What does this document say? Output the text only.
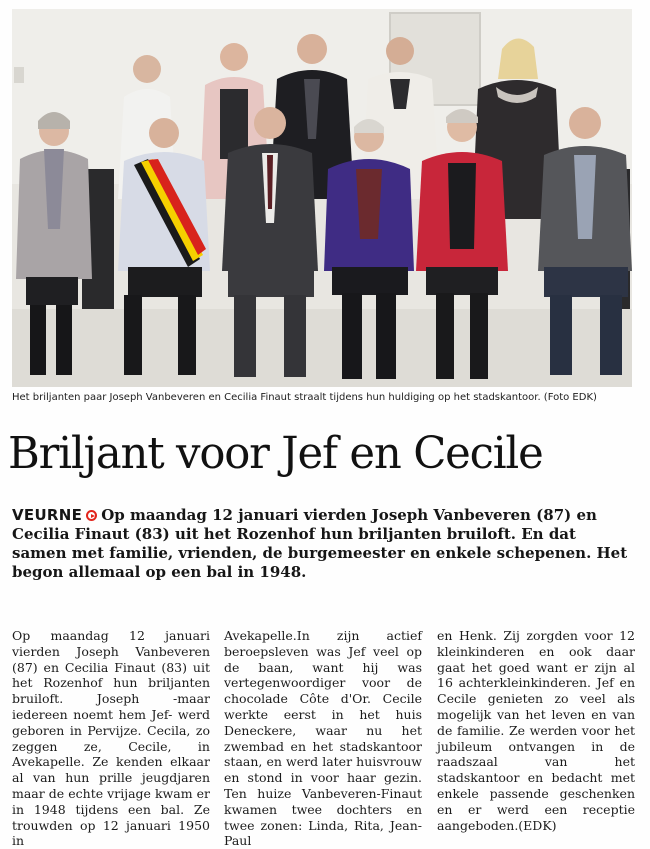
Het briljanten paar Joseph Vanbeveren en Cecilia Finaut straalt tijdens hun huldiging op het stadskantoor. (Foto EDK)
Briljant voor Jef en Cecile
VEURNE Op maandag 12 januari vierden Joseph Vanbeveren (87) en Cecilia Finaut (83) uit het Rozenhof hun briljanten bruiloft. En dat samen met familie, vrienden, de burgemeester en enkele schepenen. Het begon allemaal op een bal in 1948.
Op maandag 12 januari vierden Joseph Vanbeveren (87) en Cecilia Finaut (83) uit het Rozenhof hun briljanten bruiloft. Joseph -maar iedereen noemt hem Jef- werd geboren in Pervijze. Cecila, zo zeggen ze, Cecile, in Avekapelle. Ze kenden elkaar al van hun prille jeugdjaren maar de echte vrijage kwam er in 1948 tijdens een bal. Ze trouwden op 12 januari 1950 in
Avekapelle.In zijn actief beroepsleven was Jef veel op de baan, want hij was vertegenwoordiger voor de chocolade Côte d'Or. Cecile werkte eerst in het huis Deneckere, waar nu het zwembad en het stadskantoor staan, en werd later huisvrouw en stond in voor haar gezin. Ten huize Vanbeveren-Finaut kwamen twee dochters en twee zonen: Linda, Rita, Jean-Paul
en Henk. Zij zorgden voor 12 kleinkinderen en ook daar gaat het goed want er zijn al 16 achterkleinkinderen. Jef en Cecile genieten zo veel als mogelijk van het leven en van de familie. Ze werden voor het jubileum ontvangen in de raadszaal van het stadskantoor en bedacht met enkele passende geschenken en er werd een receptie aangeboden.(EDK)
